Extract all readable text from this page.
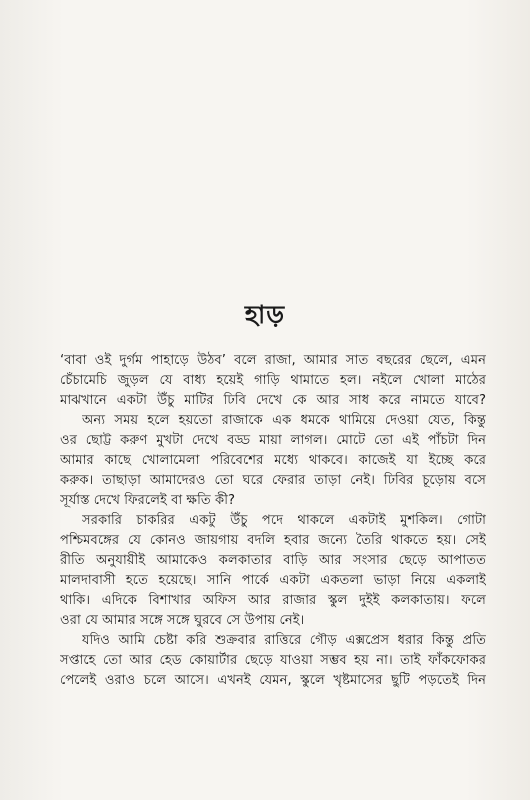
হাড়
‘বাবা ওই দুর্গম পাহাড়ে উঠব’ বলে রাজা, আমার সাত বছরের ছেলে, এমন
চেঁচামেচি জুড়ল যে বাধ্য হয়েই গাড়ি থামাতে হল। নইলে খোলা মাঠের
মাঝখানে একটা উঁচু মাটির ঢিবি দেখে কে আর সাধ করে নামতে যাবে?
অন্য সময় হলে হয়তো রাজাকে এক ধমকে থামিয়ে দেওয়া যেত, কিন্তু
ওর ছোট্ট করুণ মুখটা দেখে বড্ড মায়া লাগল। মোটে তো এই পাঁচটা দিন
আমার কাছে খোলামেলা পরিবেশের মধ্যে থাকবে। কাজেই যা ইচ্ছে করে
করুক। তাছাড়া আমাদেরও তো ঘরে ফেরার তাড়া নেই। ঢিবির চূড়োয় বসে
সূর্যাস্ত দেখে ফিরলেই বা ক্ষতি কী?
সরকারি চাকরির একটু উঁচু পদে থাকলে একটাই মুশকিল। গোটা
পশ্চিমবঙ্গের যে কোনও জায়গায় বদলি হবার জন্যে তৈরি থাকতে হয়। সেই
রীতি অনুযায়ীই আমাকেও কলকাতার বাড়ি আর সংসার ছেড়ে আপাতত
মালদাবাসী হতে হয়েছে। সানি পার্কে একটা একতলা ভাড়া নিয়ে একলাই
থাকি। এদিকে বিশাখার অফিস আর রাজার স্কুল দুইই কলকাতায়। ফলে
ওরা যে আমার সঙ্গে সঙ্গে ঘুরবে সে উপায় নেই।
যদিও আমি চেষ্টা করি শুক্রবার রাত্তিরে গৌড় এক্সপ্রেস ধরার কিন্তু প্রতি
সপ্তাহে তো আর হেড কোয়ার্টার ছেড়ে যাওয়া সম্ভব হয় না। তাই ফাঁকফোকর
পেলেই ওরাও চলে আসে। এখনই যেমন, স্কুলে খৃষ্টমাসের ছুটি পড়তেই দিন
